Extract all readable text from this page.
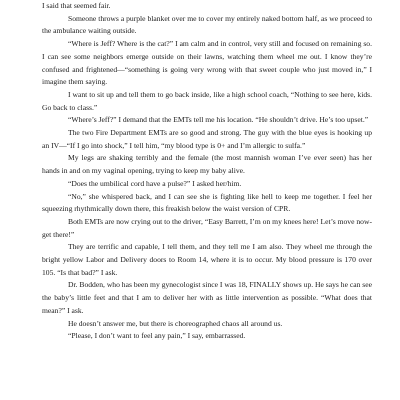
I said that seemed fair.

Someone throws a purple blanket over me to cover my entirely naked bottom half, as we proceed to the ambulance waiting outside.

“Where is Jeff? Where is the cat?” I am calm and in control, very still and focused on remaining so. I can see some neighbors emerge outside on their lawns, watching them wheel me out. I know they’re confused and frightened—“something is going very wrong with that sweet couple who just moved in,” I imagine them saying.

I want to sit up and tell them to go back inside, like a high school coach, “Nothing to see here, kids. Go back to class.”

“Where’s Jeff?” I demand that the EMTs tell me his location. “He shouldn’t drive. He’s too upset.”

The two Fire Department EMTs are so good and strong. The guy with the blue eyes is hooking up an IV—“If I go into shock,” I tell him, “my blood type is 0+ and I’m allergic to sulfa.”

My legs are shaking terribly and the female (the most mannish woman I’ve ever seen) has her hands in and on my vaginal opening, trying to keep my baby alive.

“Does the umbilical cord have a pulse?” I asked her/him.

“No,” she whispered back, and I can see she is fighting like hell to keep me together. I feel her squeezing rhythmically down there, this freakish below the waist version of CPR.

Both EMTs are now crying out to the driver, “Easy Barrett, I’m on my knees here! Let’s move now- get there!”

They are terrific and capable, I tell them, and they tell me I am also. They wheel me through the bright yellow Labor and Delivery doors to Room 14, where it is to occur. My blood pressure is 170 over 105. “Is that bad?” I ask.

Dr. Bodden, who has been my gynecologist since I was 18, FINALLY shows up. He says he can see the baby’s little feet and that I am to deliver her with as little intervention as possible. “What does that mean?” I ask.

He doesn’t answer me, but there is choreographed chaos all around us.

“Please, I don’t want to feel any pain,” I say, embarrassed.
